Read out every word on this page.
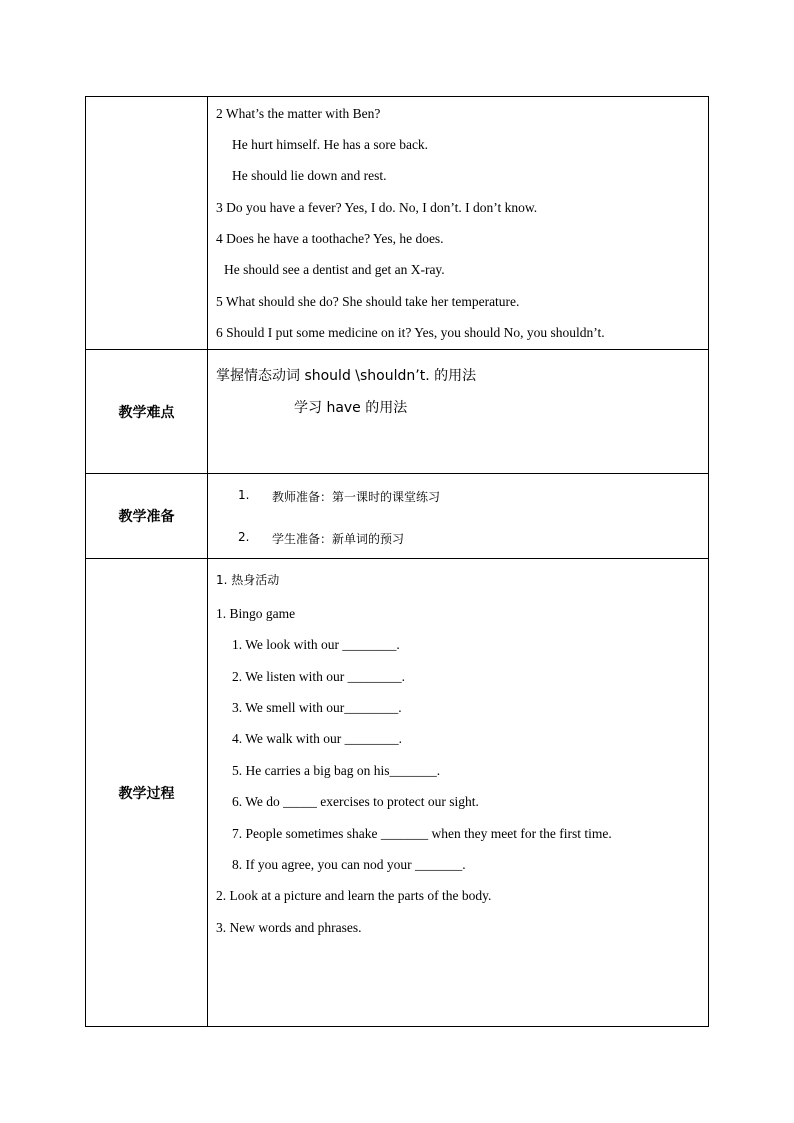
2 What’s the matter with Ben?
He hurt himself. He has a sore back.
He should lie down and rest.
3 Do you have a fever? Yes, I do. No, I don’t. I don’t know.
4 Does he have a toothache? Yes, he does.
He should see a dentist and get an X-ray.
5 What should she do? She should take her temperature.
6 Should I put some medicine on it? Yes, you should No, you shouldn’t.
教学难点
掌握情态动词 should \shouldn’t. 的用法
学习 have 的用法
教学准备
1. 教师准备：第一课时的课堂练习
2. 学生准备：新单词的预习
教学过程
1. 热身活动
1. Bingo game
1. We look with our ________.
2. We listen with our ________.
3. We smell with our________.
4. We walk with our ________.
5. He carries a big bag on his_______.
6. We do _____ exercises to protect our sight.
7. People sometimes shake _______ when they meet for the first time.
8. If you agree, you can nod your _______.
2. Look at a picture and learn the parts of the body.
3. New words and phrases.
